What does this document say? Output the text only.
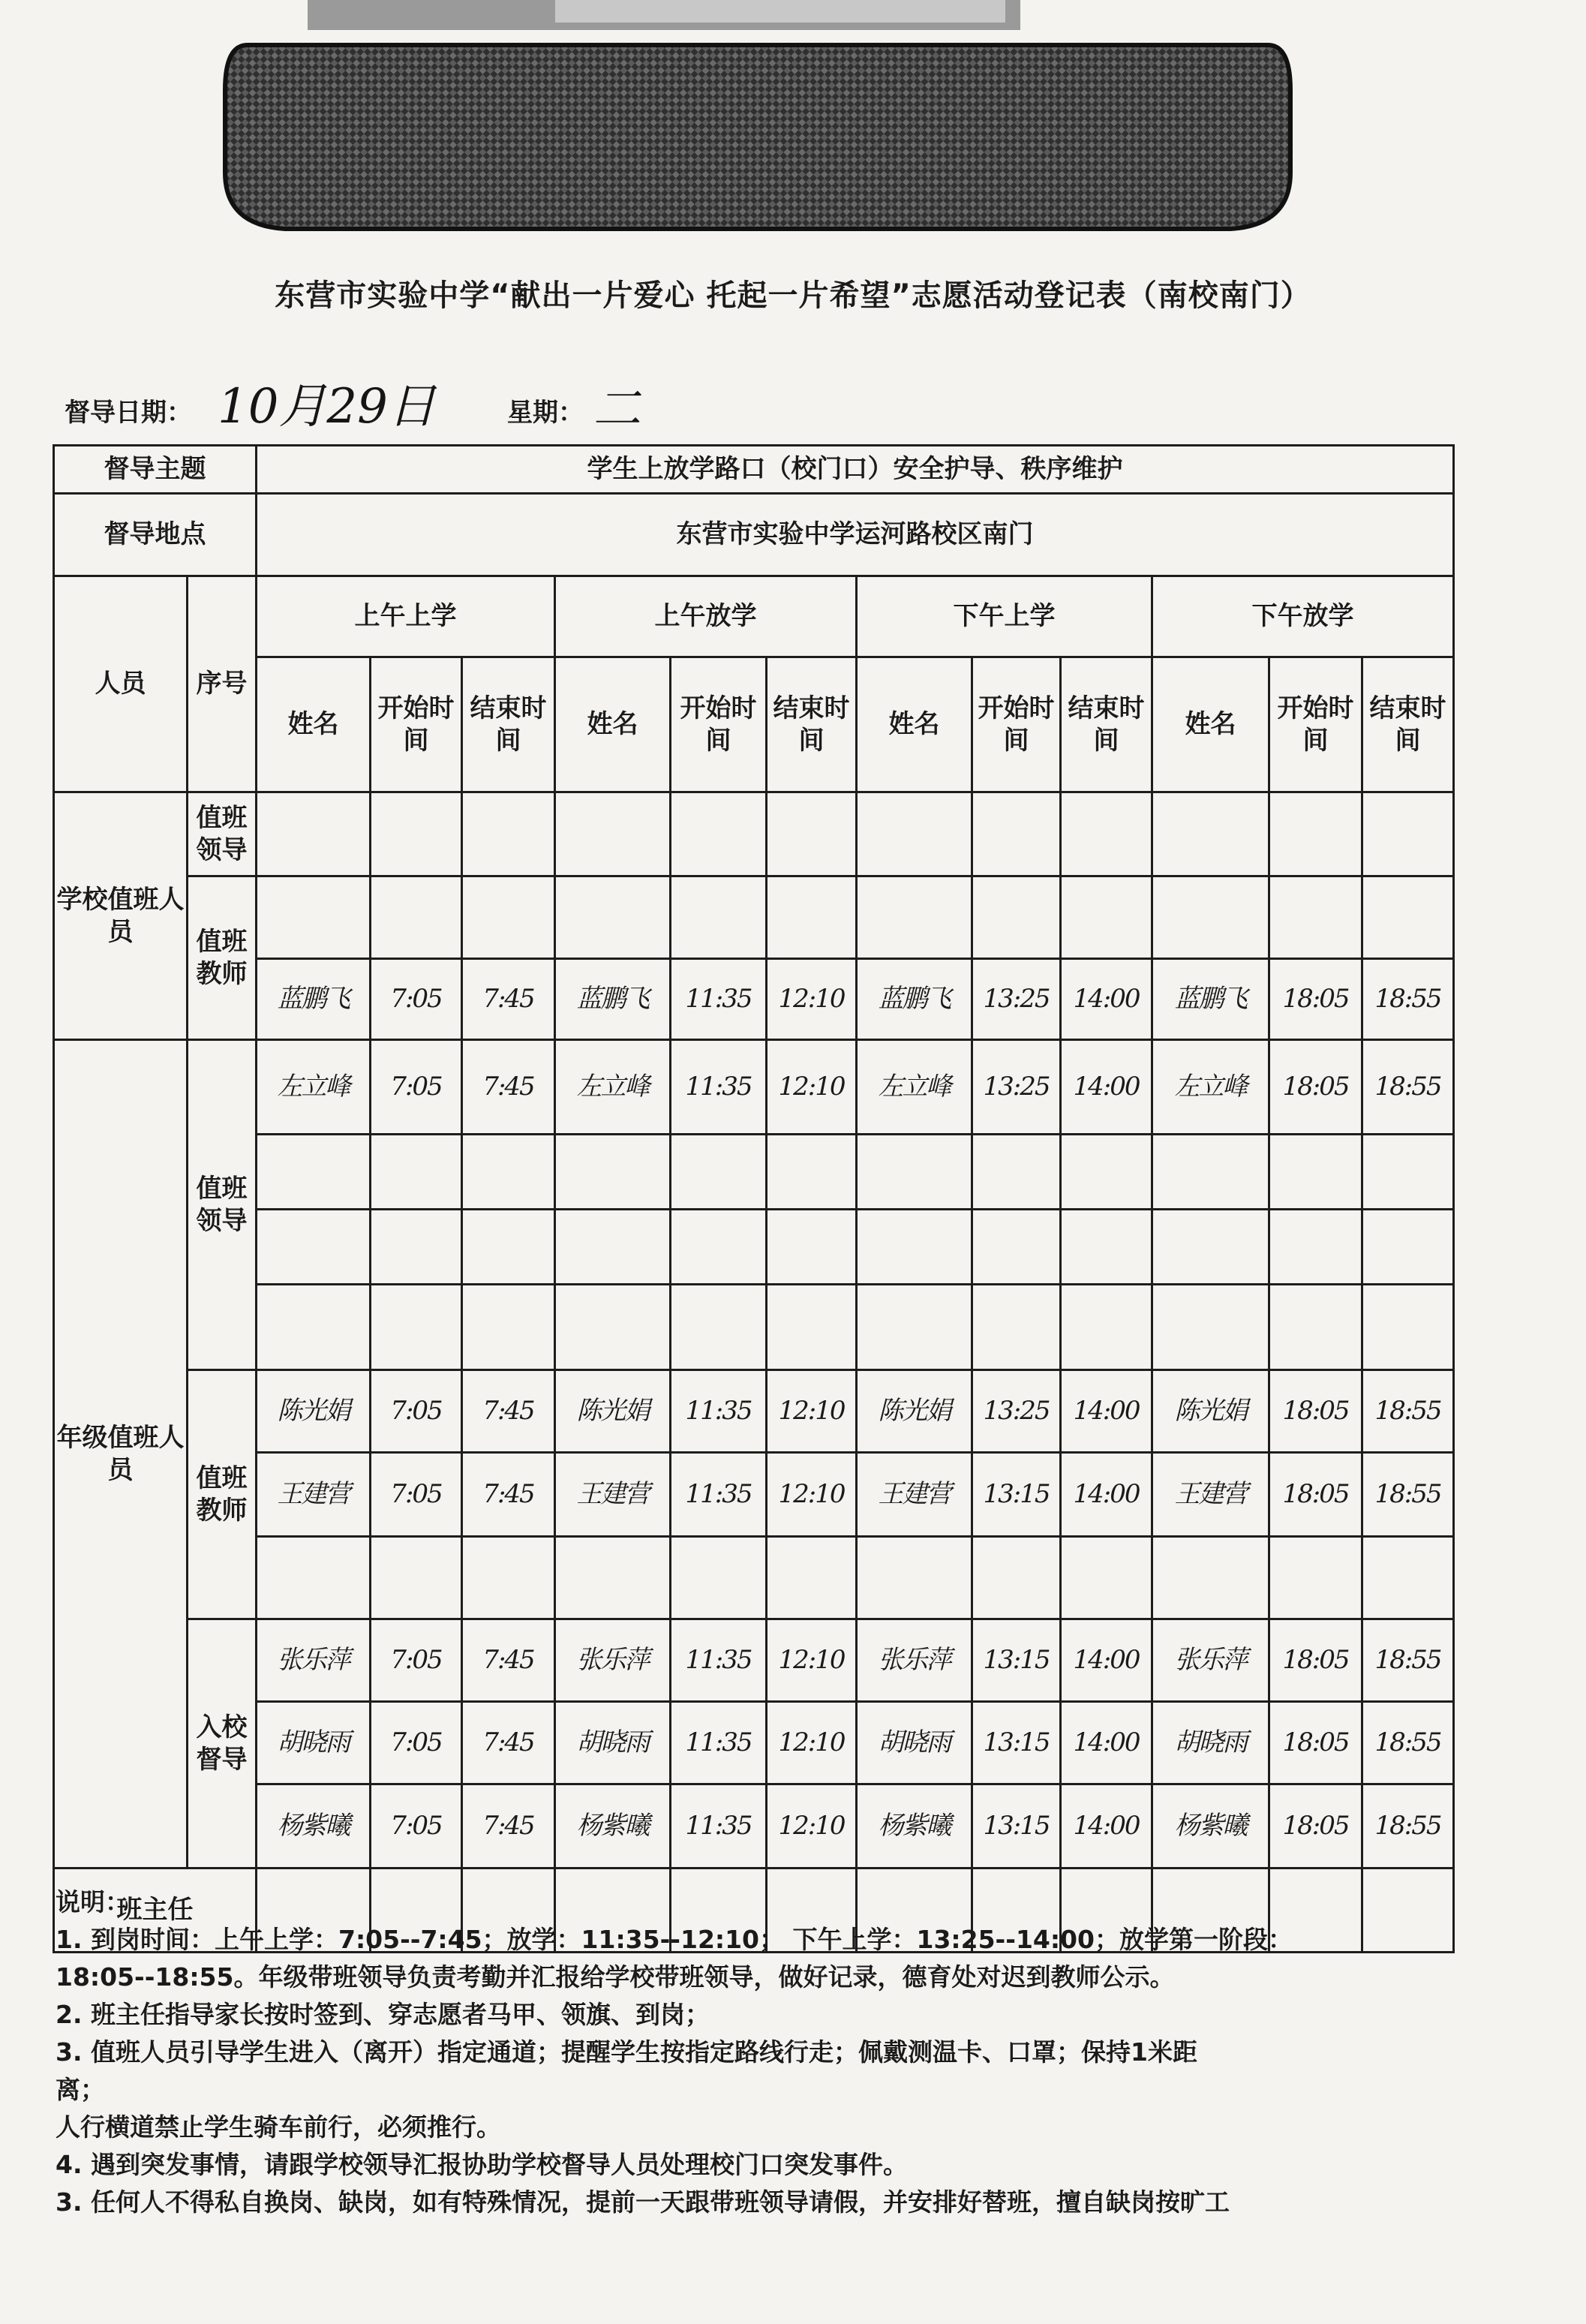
东营市实验中学“献出一片爱心 托起一片希望”志愿活动登记表（南校南门）
督导日期： 10月29日	星期： 二
督导主题		学生上放学路口（校门口）安全护导、秩序维护											
督导地点		东营市实验中学运河路校区南门											
人员	序号	上午上学			上午放学			下午上学			下午放学		
		姓名	开始时间	结束时间	姓名	开始时间	结束时间	姓名	开始时间	结束时间	姓名	开始时间	结束时间
学校值班人员	值班领导												
	值班教师												
		蓝鹏飞	7:05	7:45	蓝鹏飞	11:35	12:10	蓝鹏飞	13:25	14:00	蓝鹏飞	18:05	18:55
年级值班人员	值班领导	左立峰	7:05	7:45	左立峰	11:35	12:10	左立峰	13:25	14:00	左立峰	18:05	18:55

	值班教师	陈光娟	7:05	7:45	陈光娟	11:35	12:10	陈光娟	13:25	14:00	陈光娟	18:05	18:55
		王建营	7:05	7:45	王建营	11:35	12:10	王建营	13:15	14:00	王建营	18:05	18:55

	入校督导	张乐萍	7:05	7:45	张乐萍	11:35	12:10	张乐萍	13:15	14:00	张乐萍	18:05	18:55
		胡晓雨	7:05	7:45	胡晓雨	11:35	12:10	胡晓雨	13:15	14:00	胡晓雨	18:05	18:55
		杨紫曦	7:05	7:45	杨紫曦	11:35	12:10	杨紫曦	13:15	14:00	杨紫曦	18:05	18:55
班主任													
说明：
1. 到岗时间：上午上学：7:05--7:45；放学：11:35--12:10； 下午上学：13:25--14:00；放学第一阶段：
18:05--18:55。年级带班领导负责考勤并汇报给学校带班领导，做好记录，德育处对迟到教师公示。
2. 班主任指导家长按时签到、穿志愿者马甲、领旗、到岗；
3. 值班人员引导学生进入（离开）指定通道；提醒学生按指定路线行走；佩戴测温卡、口罩；保持1米距
离；
人行横道禁止学生骑车前行，必须推行。
4. 遇到突发事情，请跟学校领导汇报协助学校督导人员处理校门口突发事件。
3. 任何人不得私自换岗、缺岗，如有特殊情况，提前一天跟带班领导请假，并安排好替班，擅自缺岗按旷工
